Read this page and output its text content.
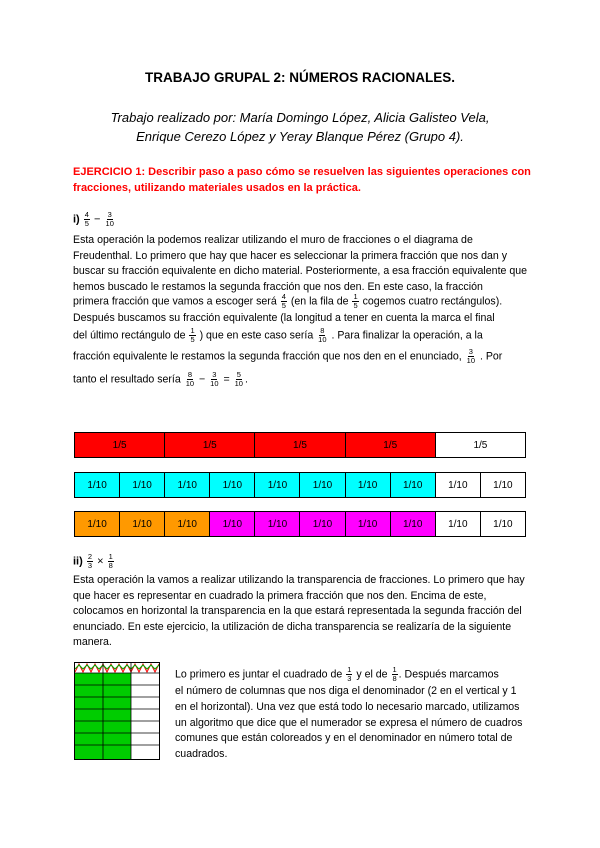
TRABAJO GRUPAL 2: NÚMEROS RACIONALES.
Trabajo realizado por: María Domingo López, Alicia Galisteo Vela,
Enrique Cerezo López y Yeray Blanque Pérez (Grupo 4).
EJERCICIO 1: Describir paso a paso cómo se resuelven las siguientes operaciones con fracciones, utilizando materiales usados en la práctica.
$i) \frac{4}{5} - \frac{3}{10}$
Esta operación la podemos realizar utilizando el muro de fracciones o el diagrama de Freudenthal. Lo primero que hay que hacer es seleccionar la primera fracción que nos dan y buscar su fracción equivalente en dicho material. Posteriormente, a esa fracción equivalente que hemos buscado le restamos la segunda fracción que nos den. En este caso, la fracción
primera fracción que vamos a escoger será $\frac{4}{5} (en$ la fila de $\frac{1}{5}$ cogemos cuatro rectángulos).
Después buscamos su fracción equivalente (la longitud a tener en cuenta la marca el final
del último rectángulo de $\frac{1}{5}$ ) que en este caso sería $\frac{8}{10}$ . Para finalizar la operación, a la
fracción equivalente le restamos la segunda fracción que nos den en el enunciado, $\frac{3}{10}$ . Por
tanto el resultado sería $\frac{8}{10} - \frac{3}{10} = \frac{5}{10}$ .
1/5	1/5	1/5	1/5	1/5
1/10	1/10	1/10	1/10	1/10	1/10	1/10	1/10	1/10	1/10
1/10	1/10	1/10	1/10	1/10	1/10	1/10	1/10	1/10	1/10
$ii) \frac{2}{3} \times \frac{1}{8}$
Esta operación la vamos a realizar utilizando la transparencia de fracciones. Lo primero que hay que hacer es representar en cuadrado la primera fracción que nos den. Encima de este, colocamos en horizontal la transparencia en la que estará representada la segunda fracción del enunciado. En este ejercicio, la utilización de dicha transparencia se realizaría de la siguiente manera.
Lo primero es juntar el cuadrado de $\frac{1}{3}$ y el de $\frac{1}{8}$ . Después marcamos
el número de columnas que nos diga el denominador (2 en el vertical y 1 en el horizontal). Una vez que está todo lo necesario marcado, utilizamos un algoritmo que dice que el numerador se expresa el número de cuadros comunes que están coloreados y en el denominador en número total de cuadrados.
